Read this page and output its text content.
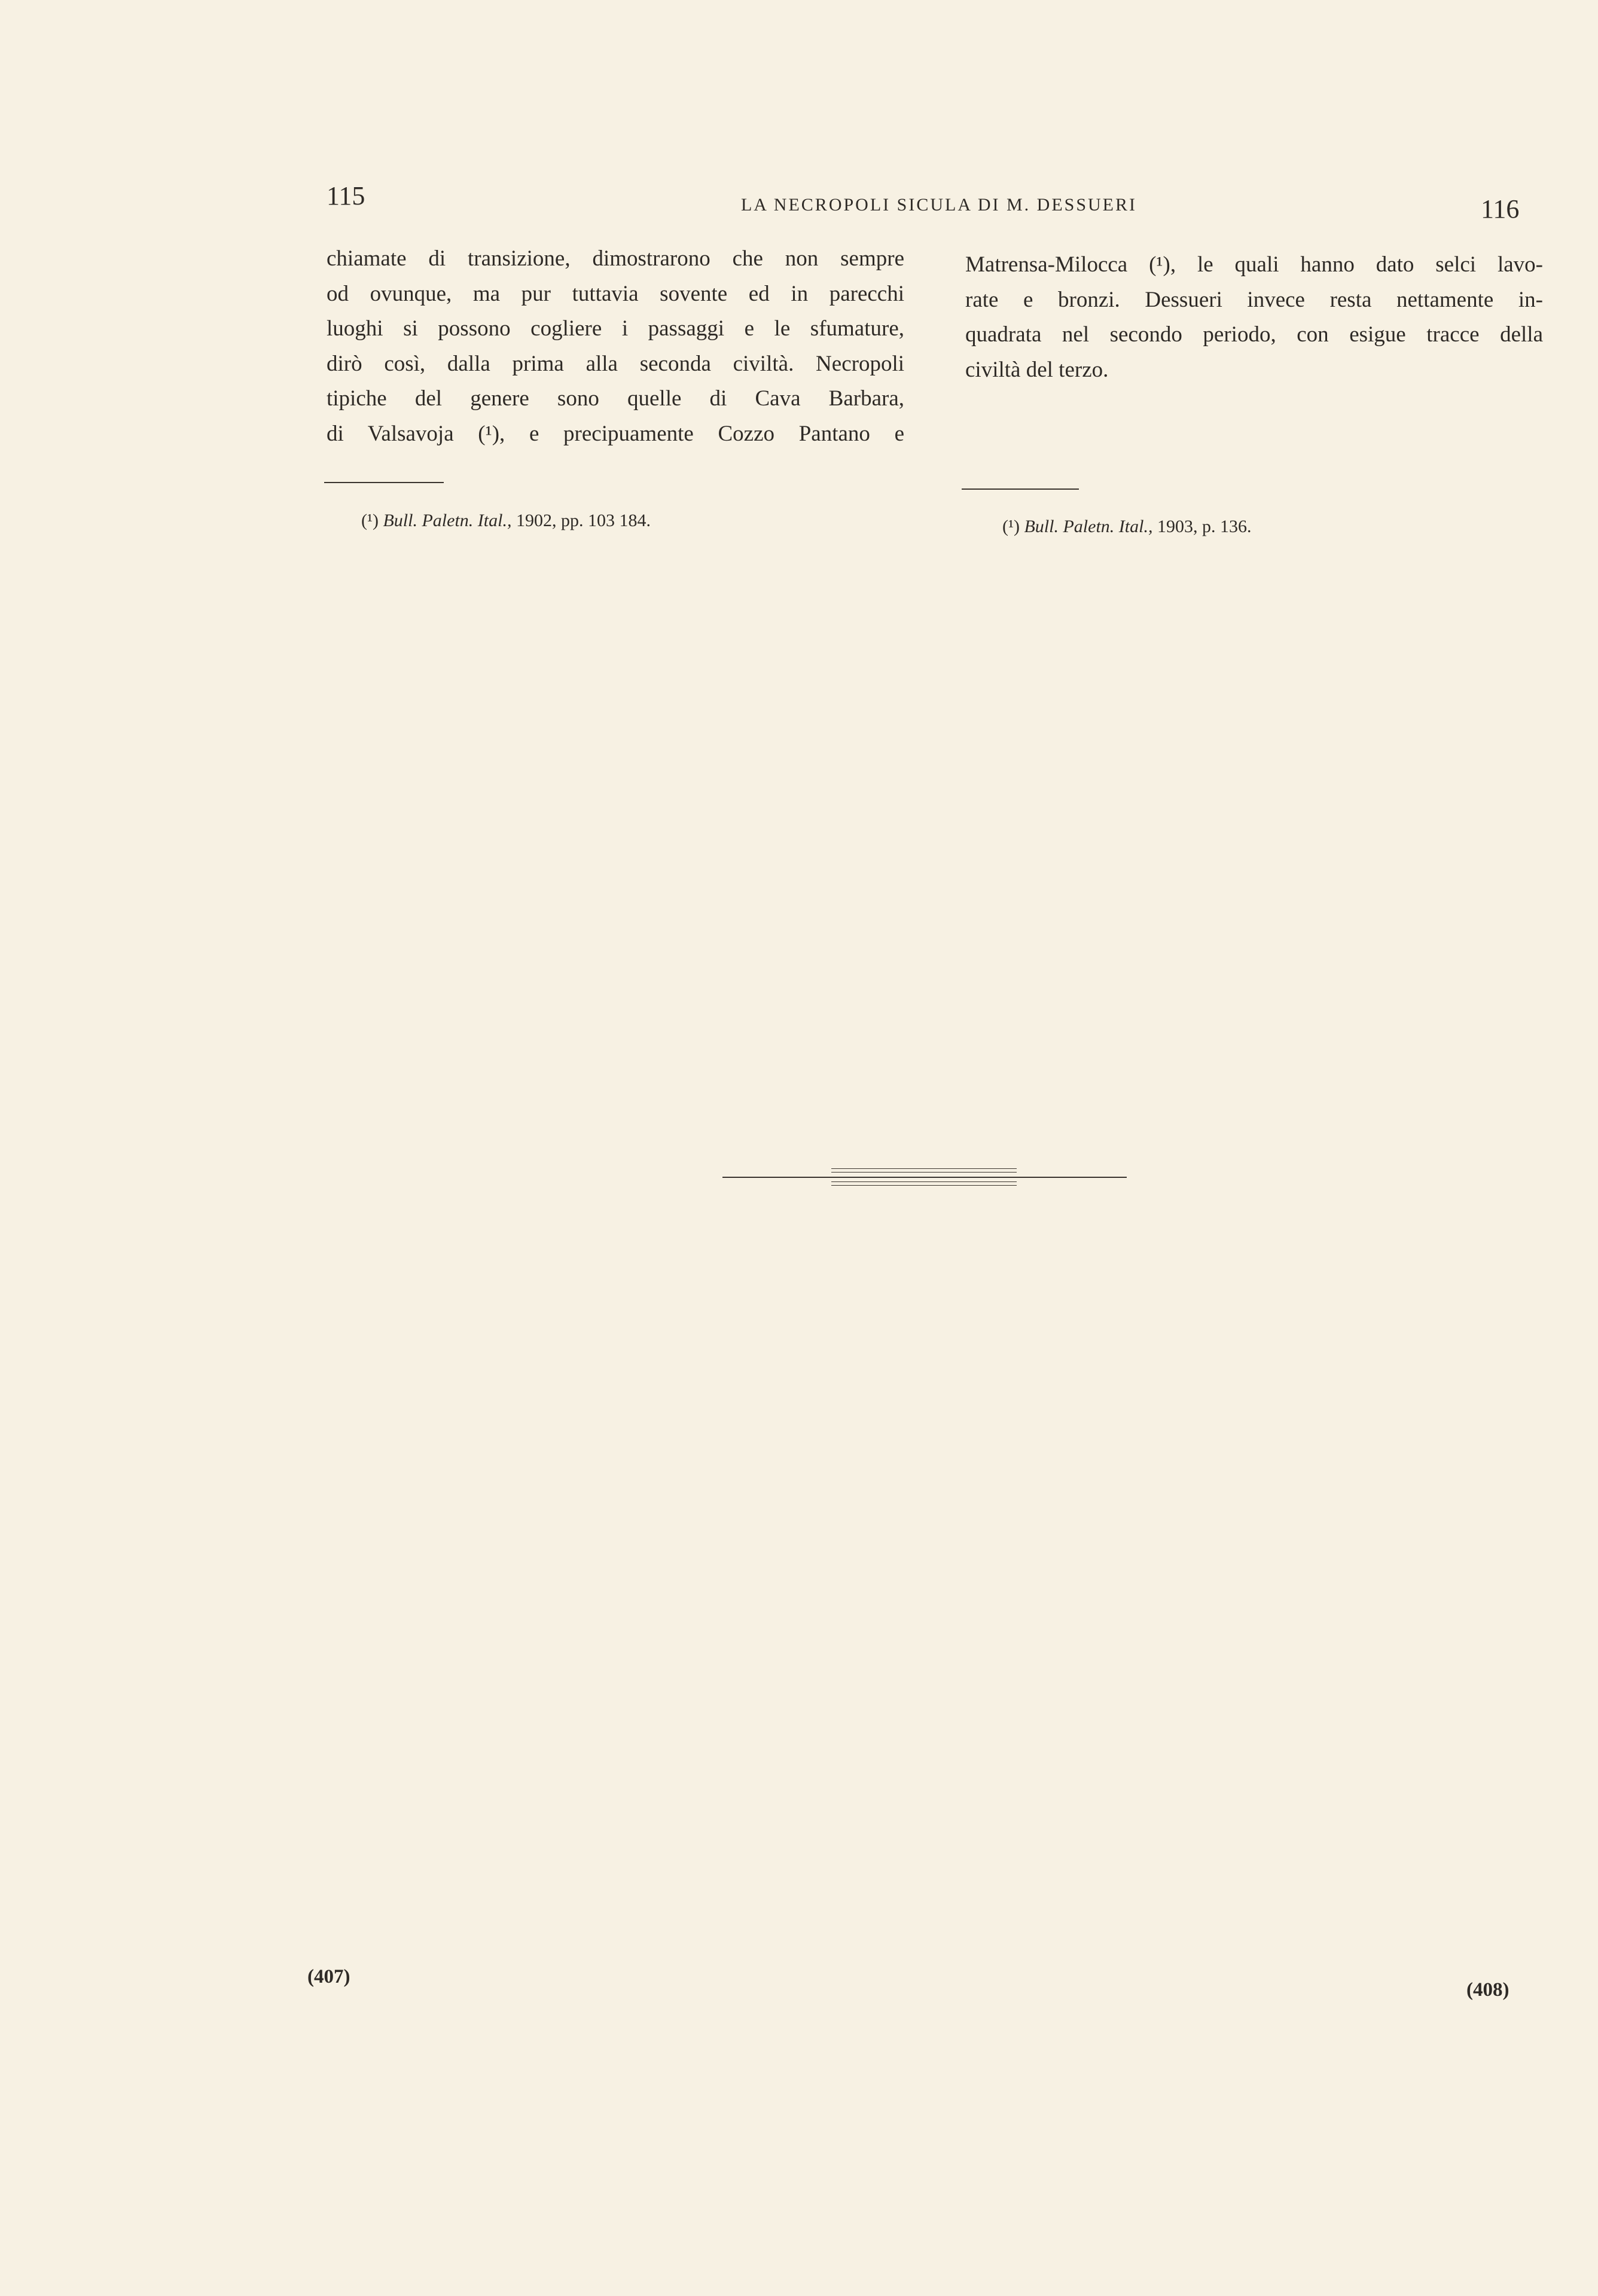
115	LA NECROPOLI SICULA DI M. DESSUERI	116
chiamate di transizione, dimostrarono che non sempre
od ovunque, ma pur tuttavia sovente ed in parecchi
luoghi si possono cogliere i passaggi e le sfumature,
dirò così, dalla prima alla seconda civiltà. Necropoli
tipiche del genere sono quelle di Cava Barbara,
di Valsavoja (¹), e precipuamente Cozzo Pantano e
Matrensa-Milocca (¹), le quali hanno dato selci lavo-
rate e bronzi. Dessueri invece resta nettamente in-
quadrata nel secondo periodo, con esigue tracce della
civiltà del terzo.
(¹) Bull. Paletn. Ital., 1902, pp. 103 184.	(¹) Bull. Paletn. Ital., 1903, p. 136.
(407)
(408)
